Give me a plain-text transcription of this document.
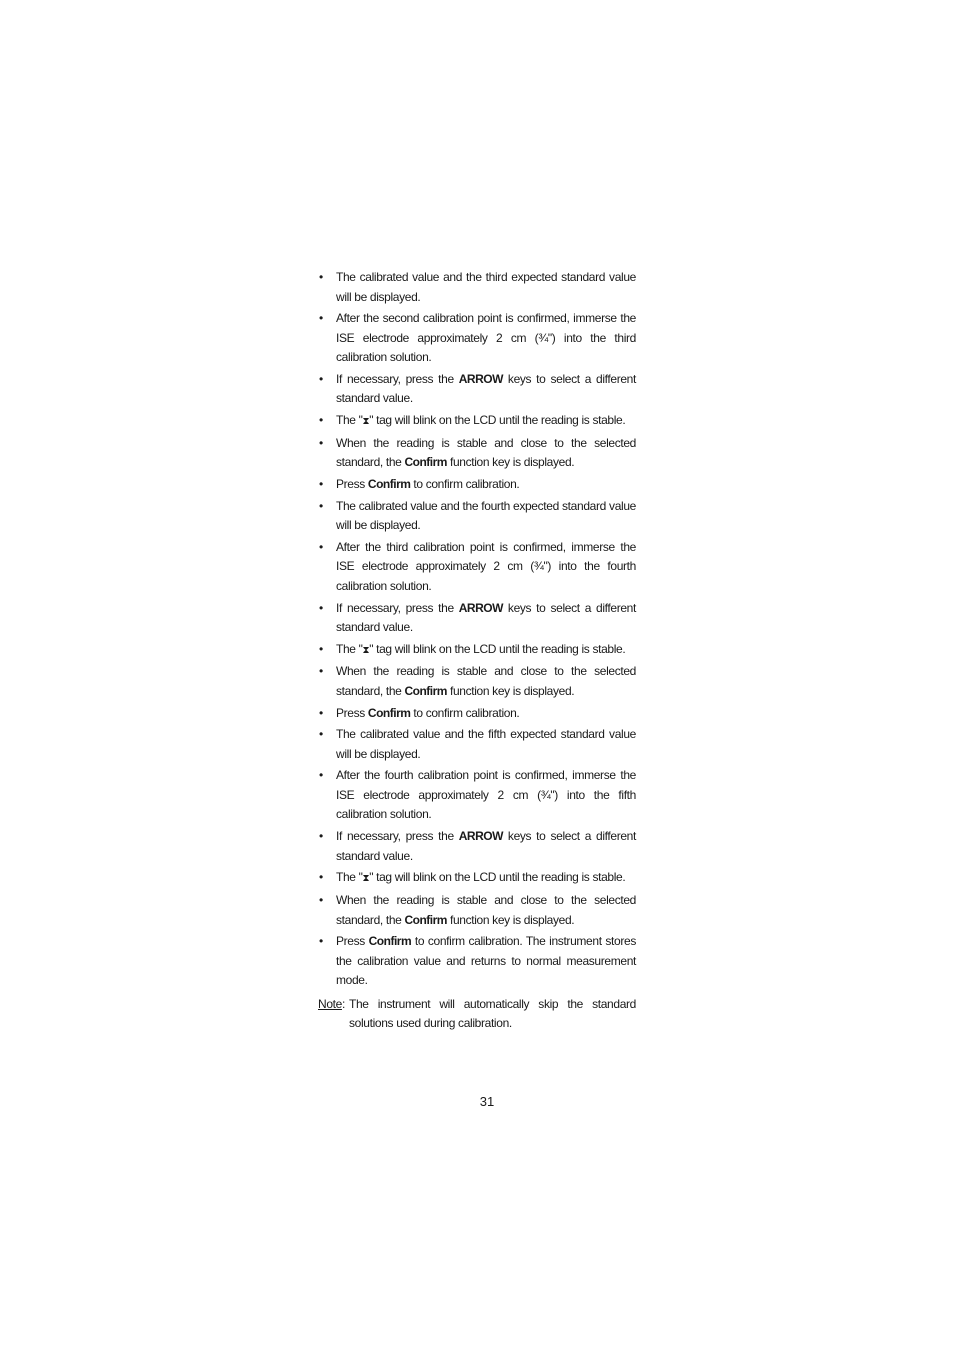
• The calibrated value and the third expected standard value will be displayed.
• After the second calibration point is confirmed, immerse the ISE electrode approximately 2 cm (¾") into the third calibration solution.
• If necessary, press the ARROW keys to select a different standard value.
• The "⧗" tag will blink on the LCD until the reading is stable.
• When the reading is stable and close to the selected standard, the Confirm function key is displayed.
• Press Confirm to confirm calibration.
• The calibrated value and the fourth expected standard value will be displayed.
• After the third calibration point is confirmed, immerse the ISE electrode approximately 2 cm (¾") into the fourth calibration solution.
• If necessary, press the ARROW keys to select a different standard value.
• The "⧗" tag will blink on the LCD until the reading is stable.
• When the reading is stable and close to the selected standard, the Confirm function key is displayed.
• Press Confirm to confirm calibration.
• The calibrated value and the fifth expected standard value will be displayed.
• After the fourth calibration point is confirmed, immerse the ISE electrode approximately 2 cm (¾") into the fifth calibration solution.
• If necessary, press the ARROW keys to select a different standard value.
• The "⧗" tag will blink on the LCD until the reading is stable.
• When the reading is stable and close to the selected standard, the Confirm function key is displayed.
• Press Confirm to confirm calibration. The instrument stores the calibration value and returns to normal measurement mode.
Note : The instrument will automatically skip the standard solutions used during calibration.
31
